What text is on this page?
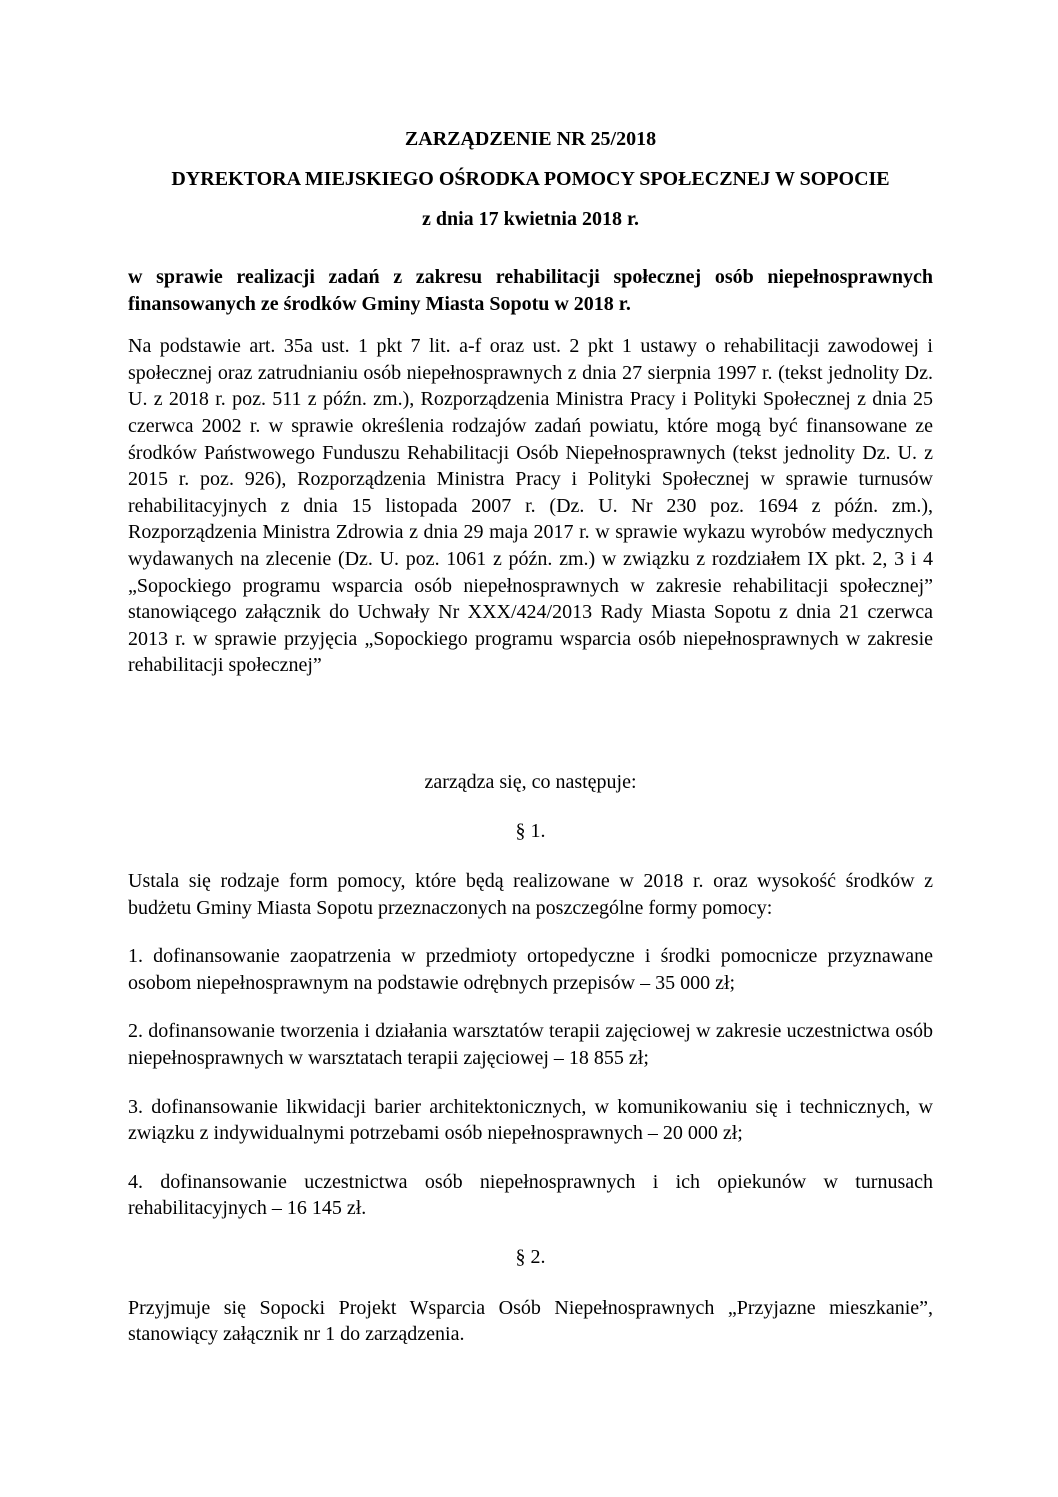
ZARZĄDZENIE NR 25/2018

DYREKTORA MIEJSKIEGO OŚRODKA POMOCY SPOŁECZNEJ W SOPOCIE

z dnia 17 kwietnia 2018 r.

w sprawie realizacji zadań z zakresu rehabilitacji społecznej osób niepełnosprawnych finansowanych ze środków Gminy Miasta Sopotu w 2018 r.

Na podstawie art. 35a ust. 1 pkt 7 lit. a-f oraz ust. 2 pkt 1 ustawy o rehabilitacji zawodowej i społecznej oraz zatrudnianiu osób niepełnosprawnych z dnia 27 sierpnia 1997 r. (tekst jednolity Dz. U. z 2018 r. poz. 511 z późn. zm.), Rozporządzenia Ministra Pracy i Polityki Społecznej z dnia 25 czerwca 2002 r. w sprawie określenia rodzajów zadań powiatu, które mogą być finansowane ze środków Państwowego Funduszu Rehabilitacji Osób Niepełnosprawnych (tekst jednolity Dz. U. z 2015 r. poz. 926), Rozporządzenia Ministra Pracy i Polityki Społecznej w sprawie turnusów rehabilitacyjnych z dnia 15 listopada 2007 r. (Dz. U. Nr 230 poz. 1694 z późn. zm.), Rozporządzenia Ministra Zdrowia z dnia 29 maja 2017 r. w sprawie wykazu wyrobów medycznych wydawanych na zlecenie (Dz. U. poz. 1061 z późn. zm.) w związku z rozdziałem IX pkt. 2, 3 i 4 „Sopockiego programu wsparcia osób niepełnosprawnych w zakresie rehabilitacji społecznej” stanowiącego załącznik do Uchwały Nr XXX/424/2013 Rady Miasta Sopotu z dnia 21 czerwca 2013 r. w sprawie przyjęcia „Sopockiego programu wsparcia osób niepełnosprawnych w zakresie rehabilitacji społecznej”

zarządza się, co następuje:

§ 1.

Ustala się rodzaje form pomocy, które będą realizowane w 2018 r. oraz wysokość środków z budżetu Gminy Miasta Sopotu przeznaczonych na poszczególne formy pomocy:

1. dofinansowanie zaopatrzenia w przedmioty ortopedyczne i środki pomocnicze przyznawane osobom niepełnosprawnym na podstawie odrębnych przepisów – 35 000 zł;

2. dofinansowanie tworzenia i działania warsztatów terapii zajęciowej w zakresie uczestnictwa osób niepełnosprawnych w warsztatach terapii zajęciowej – 18 855 zł;

3. dofinansowanie likwidacji barier architektonicznych, w komunikowaniu się i technicznych, w związku z indywidualnymi potrzebami osób niepełnosprawnych – 20 000 zł;

4. dofinansowanie uczestnictwa osób niepełnosprawnych i ich opiekunów w turnusach rehabilitacyjnych – 16 145 zł.

§ 2.

Przyjmuje się Sopocki Projekt Wsparcia Osób Niepełnosprawnych „Przyjazne mieszkanie”, stanowiący załącznik nr 1 do zarządzenia.
